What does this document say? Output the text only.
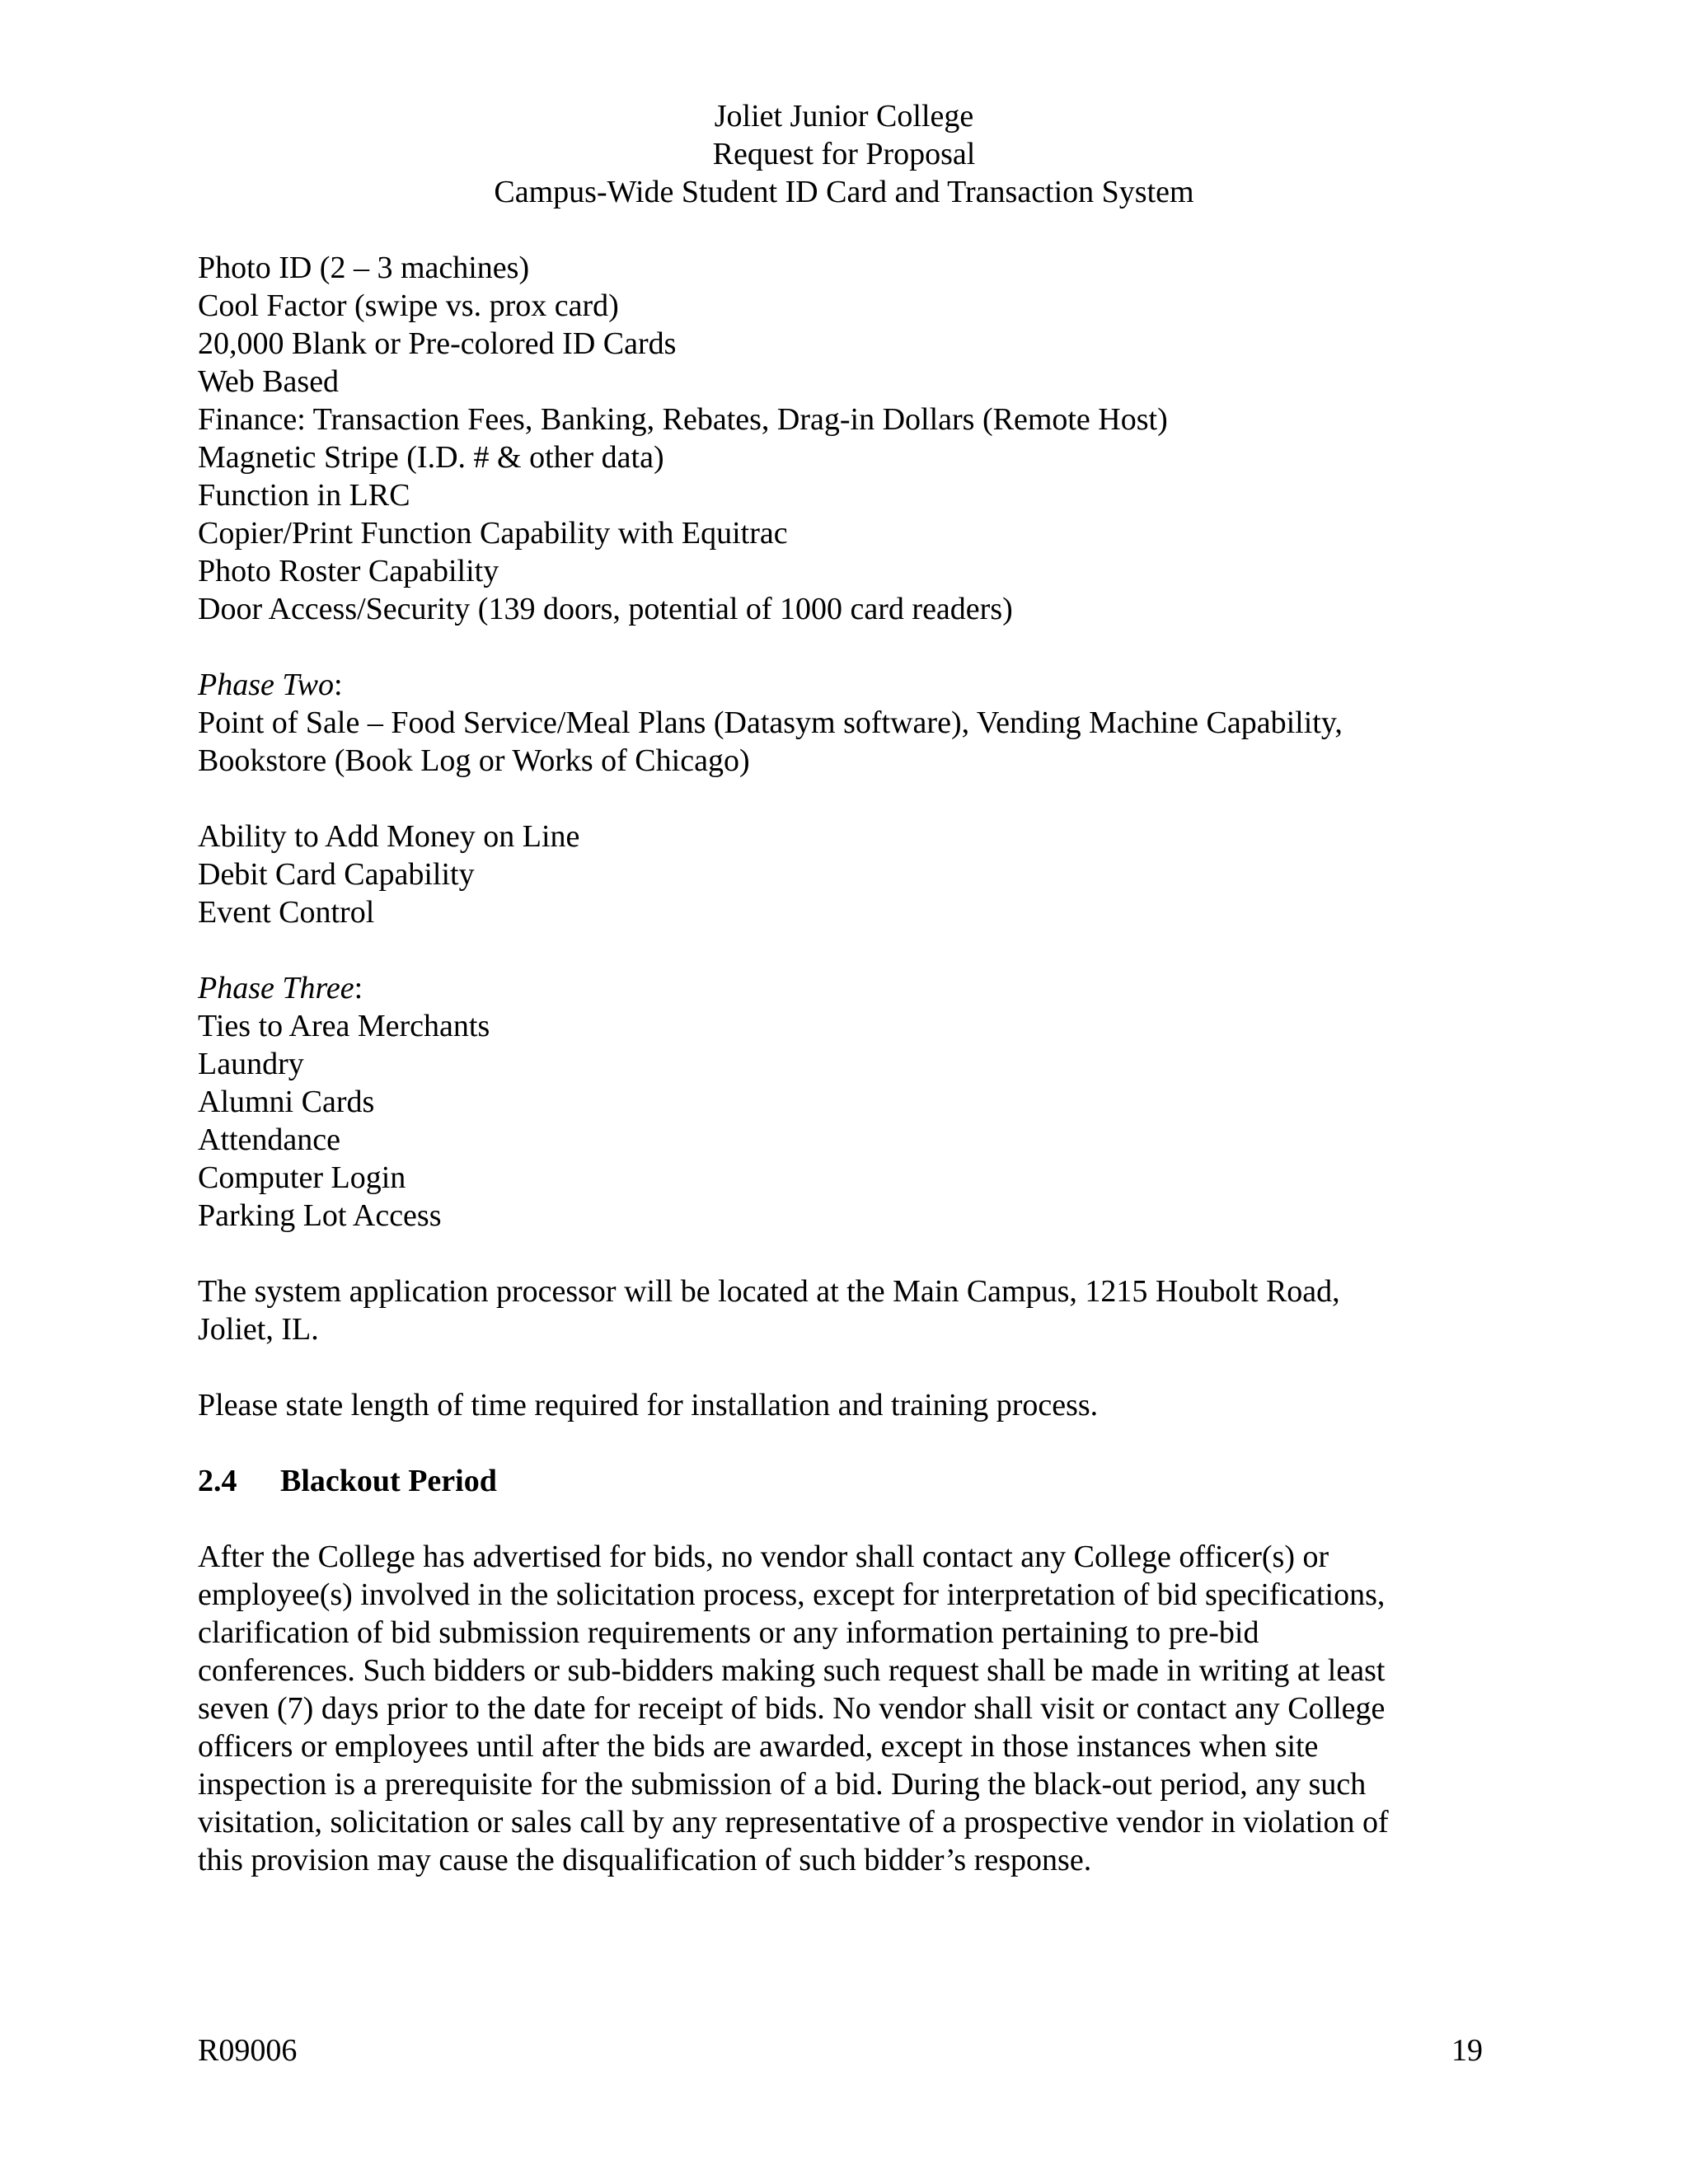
Joliet Junior College
Request for Proposal
Campus-Wide Student ID Card and Transaction System
Photo ID (2 – 3 machines)
Cool Factor (swipe vs. prox card)
20,000 Blank or Pre-colored ID Cards
Web Based
Finance: Transaction Fees, Banking, Rebates, Drag-in Dollars (Remote Host)
Magnetic Stripe (I.D. # & other data)
Function in LRC
Copier/Print Function Capability with Equitrac
Photo Roster Capability
Door Access/Security (139 doors, potential of 1000 card readers)
Phase Two:
Point of Sale – Food Service/Meal Plans (Datasym software), Vending Machine Capability,
Bookstore (Book Log or Works of Chicago)
Ability to Add Money on Line
Debit Card Capability
Event Control
Phase Three:
Ties to Area Merchants
Laundry
Alumni Cards
Attendance
Computer Login
Parking Lot Access
The system application processor will be located at the Main Campus, 1215 Houbolt Road,
Joliet, IL.
Please state length of time required for installation and training process.
2.4 Blackout Period
After the College has advertised for bids, no vendor shall contact any College officer(s) or
employee(s) involved in the solicitation process, except for interpretation of bid specifications,
clarification of bid submission requirements or any information pertaining to pre-bid
conferences. Such bidders or sub-bidders making such request shall be made in writing at least
seven (7) days prior to the date for receipt of bids. No vendor shall visit or contact any College
officers or employees until after the bids are awarded, except in those instances when site
inspection is a prerequisite for the submission of a bid. During the black-out period, any such
visitation, solicitation or sales call by any representative of a prospective vendor in violation of
this provision may cause the disqualification of such bidder’s response.
R09006	19
